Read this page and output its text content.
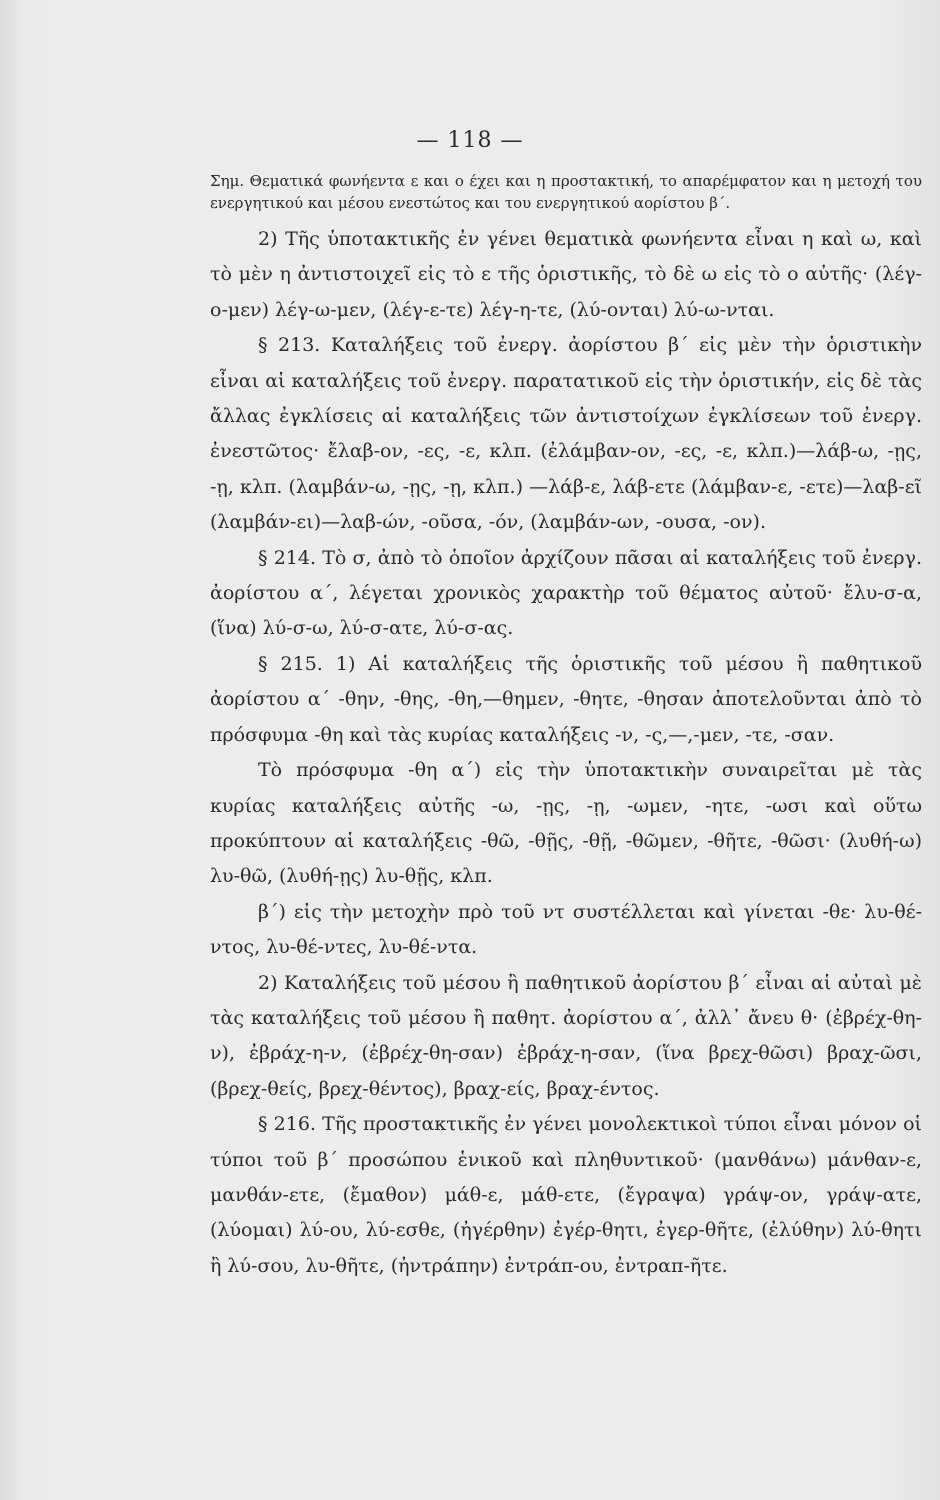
— 118 —

Σημ. Θεματικά φωνήεντα ε και ο έχει και η προστακτική, το απαρέμφατον και η μετοχή του ενεργητικού και μέσου ενεστώτος και του ενεργητικού αορίστου β΄.

2) Τῆς ὑποτακτικῆς ἐν γένει θεματικὰ φωνήεντα εἶναι η καὶ ω, καὶ τὸ μὲν η ἀντιστοιχεῖ εἰς τὸ ε τῆς ὁριστικῆς, τὸ δὲ ω εἰς τὸ ο αὐτῆς· (λέγ-ο-μεν) λέγ-ω-μεν, (λέγ-ε-τε) λέγ-η-τε, (λύ-ονται) λύ-ω-νται.

§ 213. Καταλήξεις τοῦ ἐνεργ. ἀορίστου β΄ εἰς μὲν τὴν ὁριστικὴν εἶναι αἱ καταλήξεις τοῦ ἐνεργ. παρατατικοῦ εἰς τὴν ὁριστικήν, εἰς δὲ τὰς ἄλλας ἐγκλίσεις αἱ καταλήξεις τῶν ἀντιστοίχων ἐγκλίσεων τοῦ ἐνεργ. ἐνεστῶτος· ἔλαβ-ον, -ες, -ε, κλπ. (ἐλάμβαν-ον, -ες, -ε, κλπ.)—λάβ-ω, -ῃς, -ῃ, κλπ. (λαμβάν-ω, -ῃς, -ῃ, κλπ.) —λάβ-ε, λάβ-ετε (λάμβαν-ε, -ετε)—λαβ-εῖ (λαμβάν-ει)—λαβ-ών, -οῦσα, -όν, (λαμβάν-ων, -ουσα, -ον).

§ 214. Τὸ σ, ἀπὸ τὸ ὁποῖον ἀρχίζουν πᾶσαι αἱ καταλήξεις τοῦ ἐνεργ. ἀορίστου α΄, λέγεται χρονικὸς χαρακτὴρ τοῦ θέματος αὐτοῦ· ἔλυ-σ-α, (ἵνα) λύ-σ-ω, λύ-σ-ατε, λύ-σ-ας.

§ 215. 1) Αἱ καταλήξεις τῆς ὁριστικῆς τοῦ μέσου ἢ παθητικοῦ ἀορίστου α΄ -θην, -θης, -θη,—θημεν, -θητε, -θησαν ἀποτελοῦνται ἀπὸ τὸ πρόσφυμα -θη καὶ τὰς κυρίας καταλήξεις -ν, -ς,—,-μεν, -τε, -σαν.

Τὸ πρόσφυμα -θη α΄) εἰς τὴν ὑποτακτικὴν συναιρεῖται μὲ τὰς κυρίας καταλήξεις αὐτῆς -ω, -ῃς, -ῃ, -ωμεν, -ητε, -ωσι καὶ οὕτω προκύπτουν αἱ καταλήξεις -θῶ, -θῇς, -θῇ, -θῶμεν, -θῆτε, -θῶσι· (λυθή-ω) λυ-θῶ, (λυθή-ῃς) λυ-θῇς, κλπ.

β΄) εἰς τὴν μετοχὴν πρὸ τοῦ ντ συστέλλεται καὶ γίνεται -θε· λυ-θέ-ντος, λυ-θέ-ντες, λυ-θέ-ντα.

2) Καταλήξεις τοῦ μέσου ἢ παθητικοῦ ἀορίστου β΄ εἶναι αἱ αὐταὶ μὲ τὰς καταλήξεις τοῦ μέσου ἢ παθητ. ἀορίστου α΄, ἀλλ᾿ ἄνευ θ· (ἐβρέχ-θη-ν), ἐβράχ-η-ν, (ἐβρέχ-θη-σαν) ἐβράχ-η-σαν, (ἵνα βρεχ-θῶσι) βραχ-ῶσι, (βρεχ-θείς, βρεχ-θέντος), βραχ-είς, βραχ-έντος.

§ 216. Τῆς προστακτικῆς ἐν γένει μονολεκτικοὶ τύποι εἶναι μόνον οἱ τύποι τοῦ β΄ προσώπου ἑνικοῦ καὶ πληθυντικοῦ· (μανθάνω) μάνθαν-ε, μανθάν-ετε, (ἔμαθον) μάθ-ε, μάθ-ετε, (ἔγραψα) γράψ-ον, γράψ-ατε, (λύομαι) λύ-ου, λύ-εσθε, (ἠγέρθην) ἐγέρ-θητι, ἐγερ-θῆτε, (ἐλύθην) λύ-θητι ἢ λύ-σου, λυ-θῆτε, (ἠντράπην) ἐντράπ-ου, ἐντραπ-ῆτε.
